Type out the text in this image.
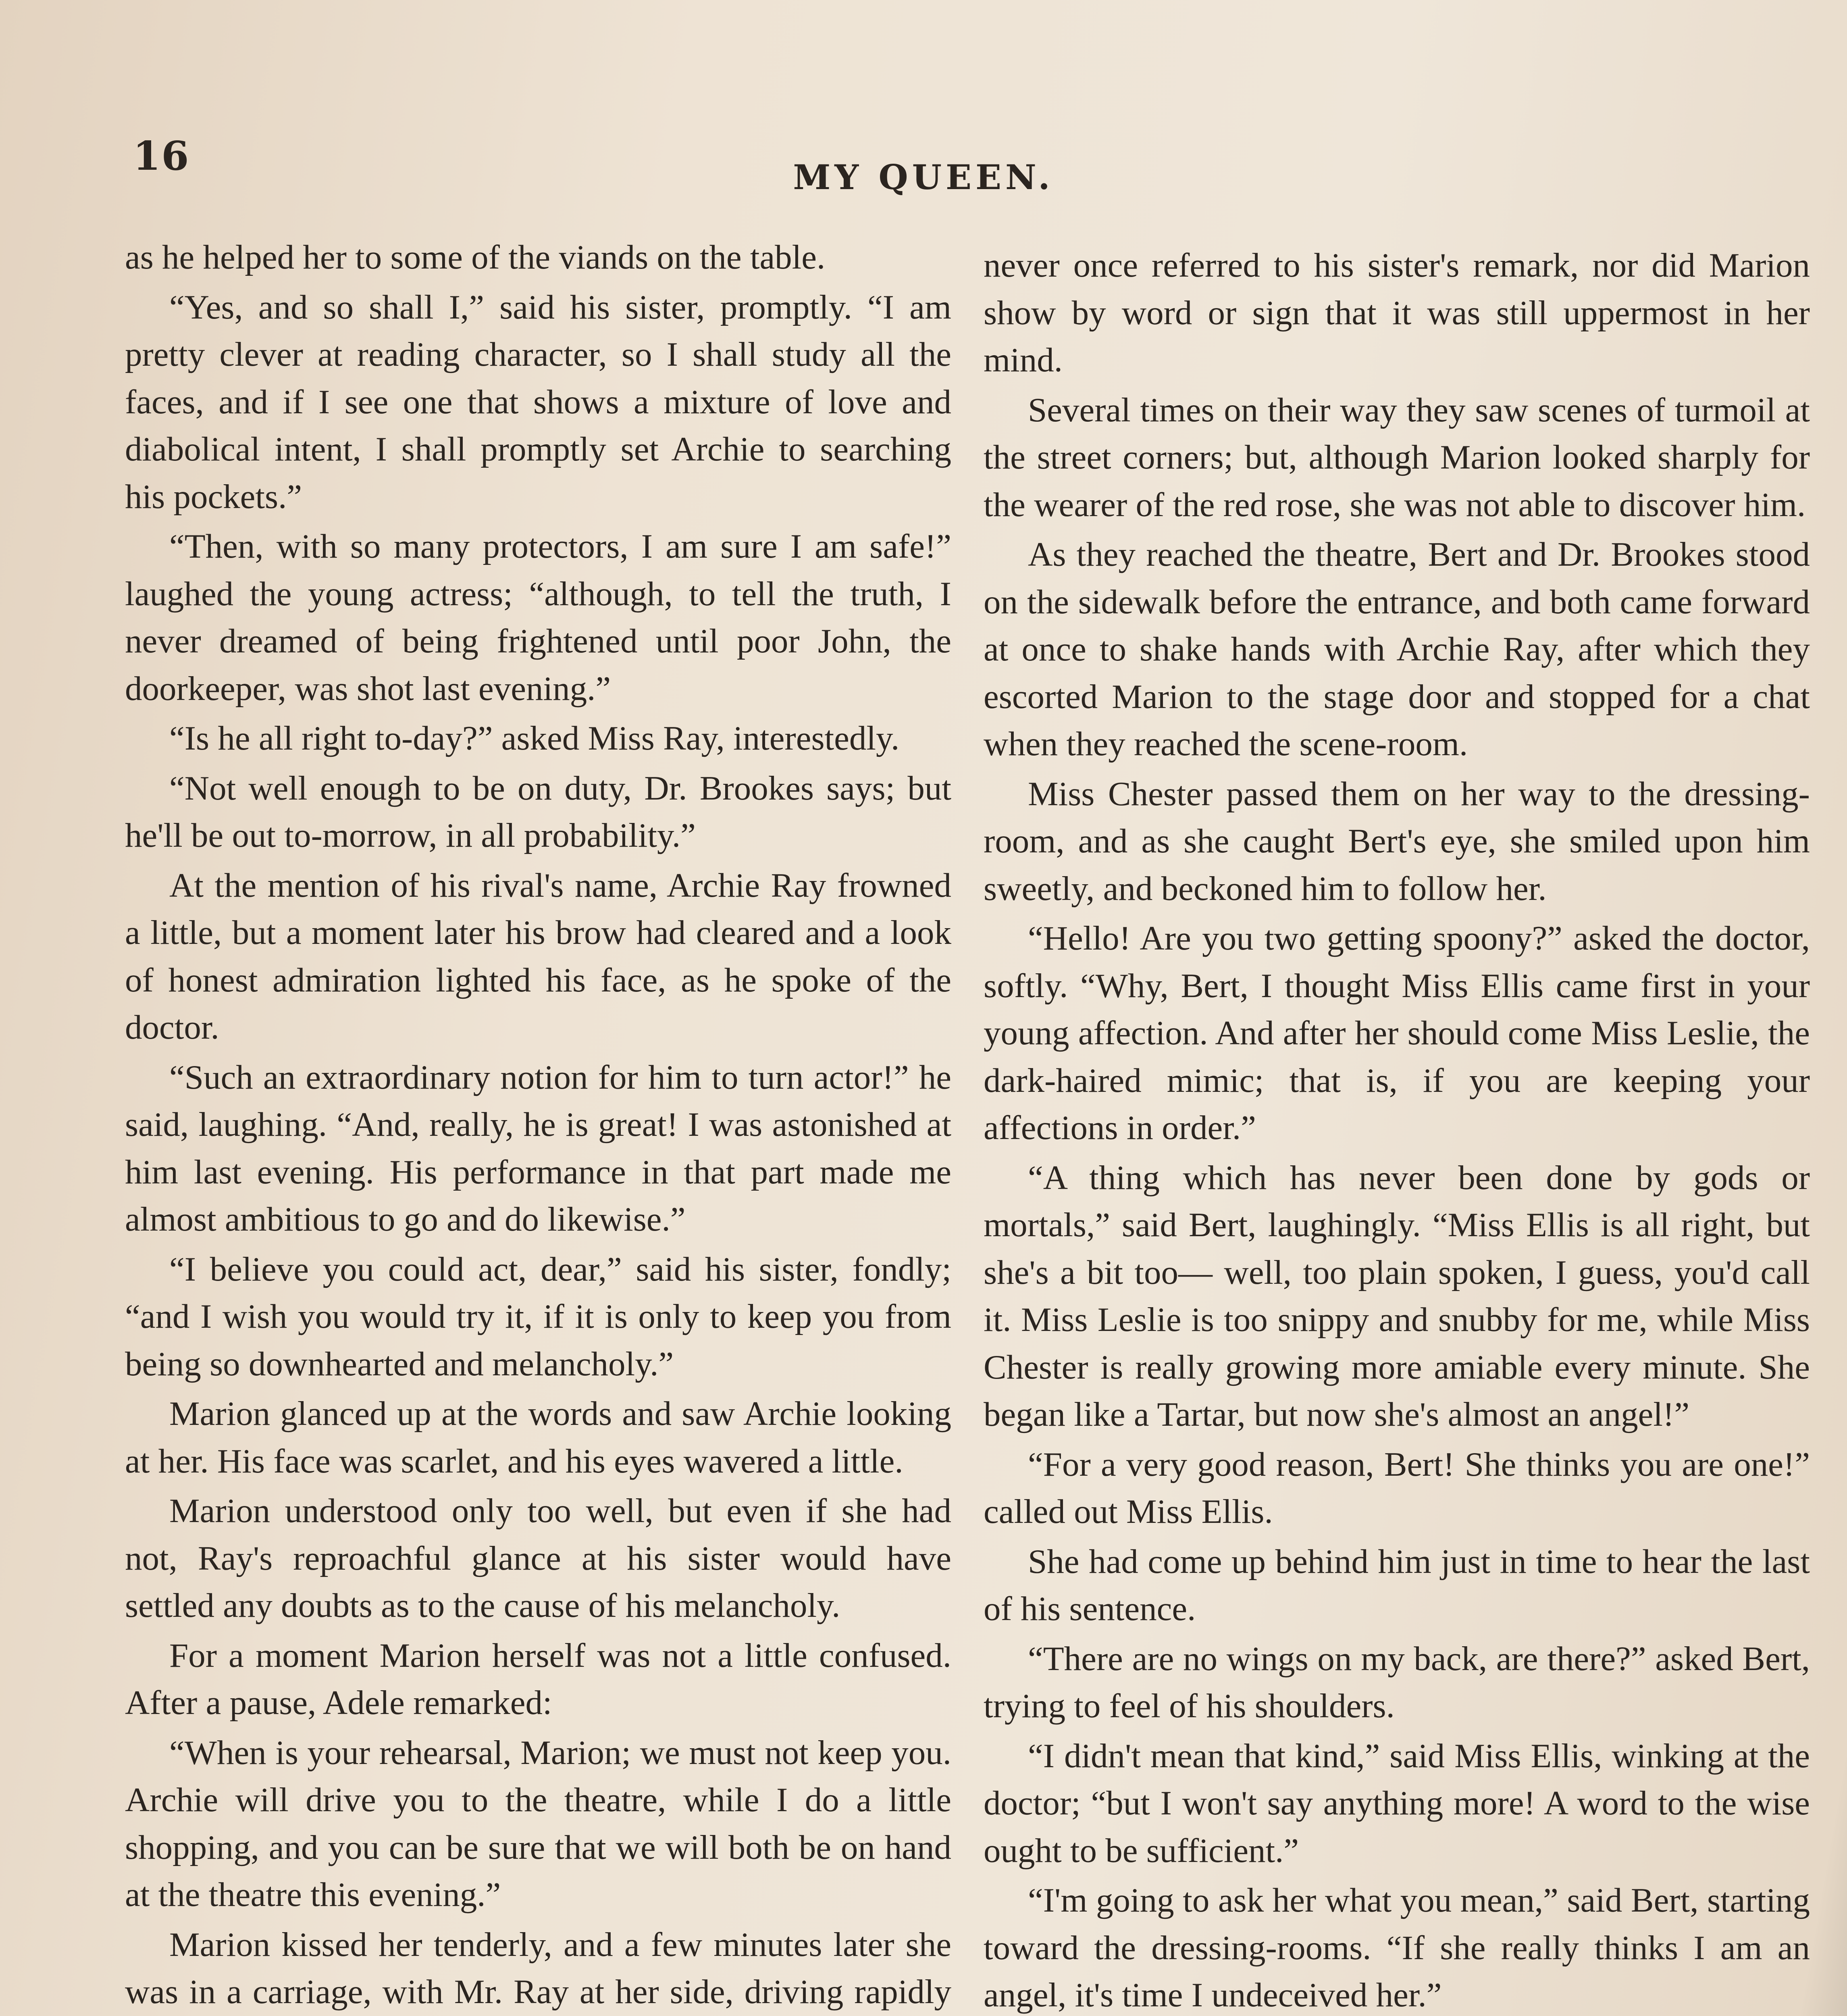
16	MY QUEEN.

as he helped her to some of the viands on the table.

“Yes, and so shall I,” said his sister, promptly. “I am pretty clever at reading character, so I shall study all the faces, and if I see one that shows a mixture of love and diabolical intent, I shall promptly set Archie to searching his pockets.”

“Then, with so many protectors, I am sure I am safe!” laughed the young actress; “although, to tell the truth, I never dreamed of being frightened until poor John, the doorkeeper, was shot last evening.”

“Is he all right to-day?” asked Miss Ray, interestedly.

“Not well enough to be on duty, Dr. Brookes says; but he'll be out to-morrow, in all probability.”

At the mention of his rival's name, Archie Ray frowned a little, but a moment later his brow had cleared and a look of honest admiration lighted his face, as he spoke of the doctor.

“Such an extraordinary notion for him to turn actor!” he said, laughing. “And, really, he is great! I was astonished at him last evening. His performance in that part made me almost ambitious to go and do likewise.”

“I believe you could act, dear,” said his sister, fondly; “and I wish you would try it, if it is only to keep you from being so downhearted and melancholy.”

Marion glanced up at the words and saw Archie looking at her. His face was scarlet, and his eyes wavered a little.

Marion understood only too well, but even if she had not, Ray's reproachful glance at his sister would have settled any doubts as to the cause of his melancholy.

For a moment Marion herself was not a little confused. After a pause, Adele remarked:

“When is your rehearsal, Marion; we must not keep you. Archie will drive you to the theatre, while I do a little shopping, and you can be sure that we will both be on hand at the theatre this evening.”

Marion kissed her tenderly, and a few minutes later she was in a carriage, with Mr. Ray at her side, driving rapidly

never once referred to his sister's remark, nor did Marion show by word or sign that it was still uppermost in her mind.

Several times on their way they saw scenes of turmoil at the street corners; but, although Marion looked sharply for the wearer of the red rose, she was not able to discover him.

As they reached the theatre, Bert and Dr. Brookes stood on the sidewalk before the entrance, and both came forward at once to shake hands with Archie Ray, after which they escorted Marion to the stage door and stopped for a chat when they reached the scene-room.

Miss Chester passed them on her way to the dressing-room, and as she caught Bert's eye, she smiled upon him sweetly, and beckoned him to follow her.

“Hello! Are you two getting spoony?” asked the doctor, softly. “Why, Bert, I thought Miss Ellis came first in your young affection. And after her should come Miss Leslie, the dark-haired mimic; that is, if you are keeping your affections in order.”

“A thing which has never been done by gods or mortals,” said Bert, laughingly. “Miss Ellis is all right, but she's a bit too— well, too plain spoken, I guess, you'd call it. Miss Leslie is too snippy and snubby for me, while Miss Chester is really growing more amiable every minute. She began like a Tartar, but now she's almost an angel!”

“For a very good reason, Bert! She thinks you are one!” called out Miss Ellis.

She had come up behind him just in time to hear the last of his sentence.

“There are no wings on my back, are there?” asked Bert, trying to feel of his shoulders.

“I didn't mean that kind,” said Miss Ellis, winking at the doctor; “but I won't say anything more! A word to the wise ought to be sufficient.”

“I'm going to ask her what you mean,” said Bert, starting toward the dressing-rooms. “If she really thinks I am an angel, it's time I undeceived her.”
